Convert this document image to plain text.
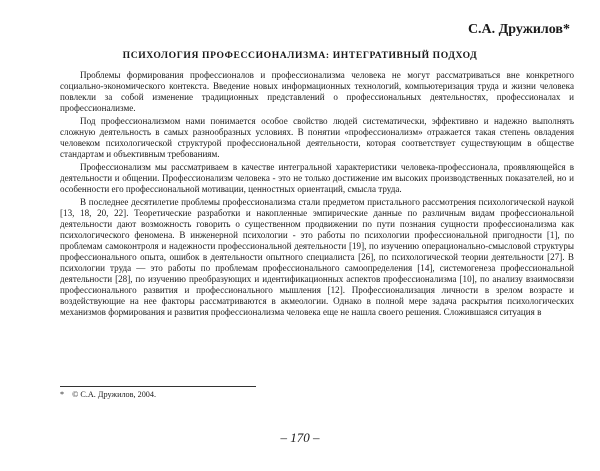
С.А. Дружилов*
ПСИХОЛОГИЯ ПРОФЕССИОНАЛИЗМА: ИНТЕГРАТИВНЫЙ ПОДХОД

Проблемы формирования профессионалов и профессионализма человека не могут рассматриваться вне конкретного социально-экономического контекста. Введение новых информационных технологий, компьютеризация труда и жизни человека повлекли за собой изменение традиционных представлений о профессиональных деятельностях, профессионалах и профессионализме.

Под профессионализмом нами понимается особое свойство людей систематически, эффективно и надежно выполнять сложную деятельность в самых разнообразных условиях. В понятии «профессионализм» отражается такая степень овладения человеком психологической структурой профессиональной деятельности, которая соответствует существующим в обществе стандартам и объективным требованиям.

Профессионализм мы рассматриваем в качестве интегральной характеристики человека-профессионала, проявляющейся в деятельности и общении. Профессионализм человека - это не только достижение им высоких производственных показателей, но и особенности его профессиональной мотивации, ценностных ориентаций, смысла труда.

В последнее десятилетие проблемы профессионализма стали предметом пристального рассмотрения психологической наукой [13, 18, 20, 22]. Теоретические разработки и накопленные эмпирические данные по различным видам профессиональной деятельности дают возможность говорить о существенном продвижении по пути познания сущности профессионализма как психологического феномена. В инженерной психологии - это работы по психологии профессиональной пригодности [1], по проблемам самоконтроля и надежности профессиональной деятельности [19], по изучению операционально-смысловой структуры профессионального опыта, ошибок в деятельности опытного специалиста [26], по психологической теории деятельности [27]. В психологии труда — это работы по проблемам профессионального самоопределения [14], системогенеза профессиональной деятельности [28], по изучению преобразующих и идентификационных аспектов профессионализма [10], по анализу взаимосвязи профессионального развития и профессионального мышления [12]. Профессионализация личности в зрелом возрасте и воздействующие на нее факторы рассматриваются в акмеологии. Однако в полной мере задача раскрытия психологических механизмов формирования и развития профессионализма человека еще не нашла своего решения. Сложившаяся ситуация в

* © С.А. Дружилов, 2004.
– 170 –
